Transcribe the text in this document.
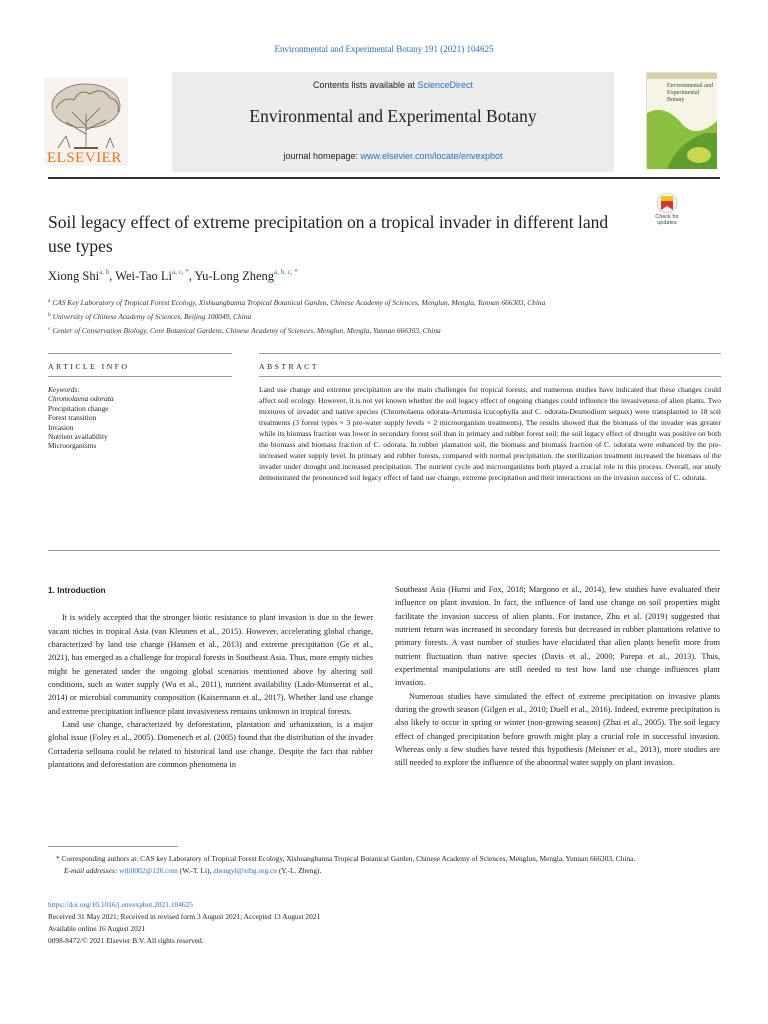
Environmental and Experimental Botany 191 (2021) 104625
ELSEVIER
Contents lists available at ScienceDirect
Environmental and Experimental Botany
journal homepage: www.elsevier.com/locate/envexpbot
Environmental and Experimental Botany
Soil legacy effect of extreme precipitation on a tropical invader in different land use types
Check for
updates
Xiong Shi$^{a, b}$, Wei-Tao $Li^{a, c, *}$, Yu-Long Zheng$^{a, b, c, *}$
$^a$ CAS Key Laboratory of Tropical Forest Ecology, Xishuangbanna Tropical Botanical Garden, Chinese Academy of Sciences, Menglun, Mengla, Yunnan 666303, China
$^b$ University of Chinese Academy of Sciences, Beijing 100049, China
$^c$ Center of Conservation Biology, Core Botanical Gardens, Chinese Academy of Sciences, Menglun, Mengla, Yunnan 666303, China
ARTICLE INFO	ABSTRACT
Keywords:
Chromolaena odorata
Precipitation change
Forest transition
Invasion
Nutrient availability
Microorganisms
Land use change and extreme precipitation are the main challenges for tropical forests, and numerous studies have indicated that these changes could affect soil ecology. However, it is not yet known whether the soil legacy effect of ongoing changes could influence the invasiveness of alien plants. Two mixtures of invader and native species (Chromolaena odorata-Artemisia lcucophylla and C. odorata-Desmodium sequax) were transplanted to 18 soil treatments (3 forest types × 3 pre-water supply levels × 2 microorganism treatments). The results showed that the biomass of the invader was greater while its biomass fraction was lower in secondary forest soil than in primary and rubber forest soil; the soil legacy effect of drought was positive on both the biomass and biomass fraction of C. odorata. In rubber plantation soil, the biomass and biomass fraction of C. odorata were enhanced by the pre-increased water supply level. In primary and rubber forests, compared with normal precipitation, the sterilization treatment increased the biomass of the invader under drought and increased precipitation. The nutrient cycle and microorganisms both played a crucial role in this process. Overall, our study demonstrated the pronounced soil legacy effect of land use change, extreme precipitation and their interactions on the invasion success of C. odorata.
1. Introduction

It is widely accepted that the stronger biotic resistance to plant invasion is due to the fewer vacant niches in tropical Asia (van Kleunen et al., 2015). However, accelerating global change, characterized by land use change (Hansen et al., 2013) and extreme precipitation (Ge et al., 2021), has emerged as a challenge for tropical forests in Southeast Asia. Thus, more empty niches might be generated under the ongoing global scenarios mentioned above by altering soil conditions, such as water supply (Wu et al., 2011), nutrient availability (Lado-Monserrat et al., 2014) or microbial community composition (Kaisermann et al., 2017). Whether land use change and extreme precipitation influence plant invasiveness remains unknown in tropical forests.

Land use change, characterized by deforestation, plantation and urbanization, is a major global issue (Foley et al., 2005). Domenech et al. (2005) found that the distribution of the invader Cortaderia selloana could be related to historical land use change. Despite the fact that rubber plantations and deforestation are common phenomena in

Southeast Asia (Hurni and Fox, 2018; Margono et al., 2014), few studies have evaluated their influence on plant invasion. In fact, the influence of land use change on soil properties might facilitate the invasion success of alien plants. For instance, Zhu et al. (2019) suggested that nutrient return was increased in secondary forests but decreased in rubber plantations relative to primary forests. A vast number of studies have elucidated that alien plants benefit more from nutrient fluctuation than native species (Davis et al., 2000; Parepa et al., 2013). Thus, experimental manipulations are still needed to test how land use change influences plant invasion.

Numerous studies have simulated the effect of extreme precipitation on invasive plants during the growth season (Gilgen et al., 2010; Duell et al., 2016). Indeed, extreme precipitation is also likely to occur in spring or winter (non-growing season) (Zhai et al., 2005). The soil legacy effect of changed precipitation before growth might play a crucial role in successful invasion. Whereas only a few studies have tested this hypothesis (Meisner et al., 2013), more studies are still needed to explore the influence of the abnormal water supply on plant invasion.

* Corresponding authors at: CAS key Laboratory of Tropical Forest Ecology, Xishuangbanna Tropical Botanical Garden, Chinese Academy of Sciences, Menglun, Mengla, Yunnan 666303, China.
E-mail addresses: wtli0002@126.com (W.-T. Li), zhengyl@xtbg.org.cn (Y.-L. Zheng).
https://doi.org/10.1016/j.envexpbot.2021.104625
Received 31 May 2021; Received in revised form 3 August 2021; Accepted 13 August 2021
Available online 16 August 2021
0098-8472/© 2021 Elsevier B.V. All rights reserved.
